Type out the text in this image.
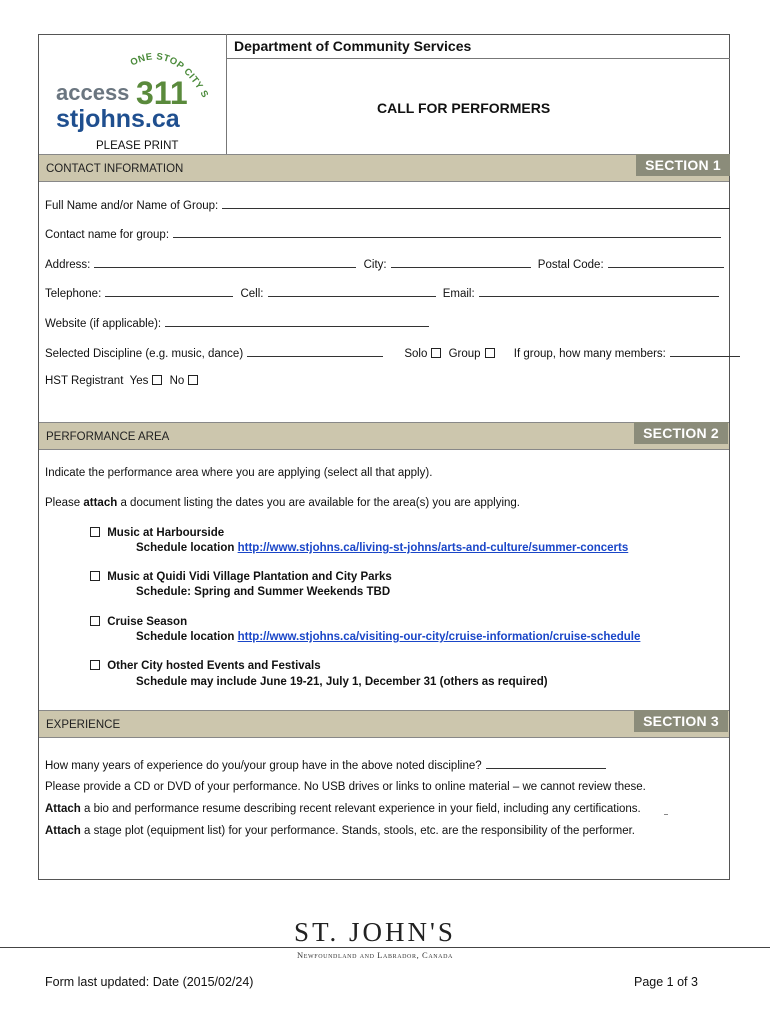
ONE STOP CITY S
access 311
stjohns.ca
Department of Community Services
CALL FOR PERFORMERS
PLEASE PRINT
CONTACT INFORMATION	SECTION 1
Full Name and/or Name of Group:
Contact name for group:
Address:	City:	Postal Code:
Telephone:	Cell:	Email:
Website (if applicable):
Selected Discipline (e.g. music, dance)	Solo Group	If group, how many members:
HST Registrant Yes No
PERFORMANCE AREA	SECTION 2
Indicate the performance area where you are applying (select all that apply).
Please attach a document listing the dates you are available for the area(s) you are applying.
Music at Harbourside
Schedule location http://www.stjohns.ca/living-st-johns/arts-and-culture/summer-concerts
Music at Quidi Vidi Village Plantation and City Parks
Schedule: Spring and Summer Weekends TBD
Cruise Season
Schedule location http://www.stjohns.ca/visiting-our-city/cruise-information/cruise-schedule
Other City hosted Events and Festivals
Schedule may include June 19-21, July 1, December 31 (others as required)
EXPERIENCE	SECTION 3
How many years of experience do you/your group have in the above noted discipline?
Please provide a CD or DVD of your performance. No USB drives or links to online material – we cannot review these.
Attach a bio and performance resume describing recent relevant experience in your field, including any certifications.
Attach a stage plot (equipment list) for your performance. Stands, stools, etc. are the responsibility of the performer.
ST. JOHN'S
Newfoundland and Labrador, Canada
Form last updated: Date (2015/02/24)	Page 1 of 3
